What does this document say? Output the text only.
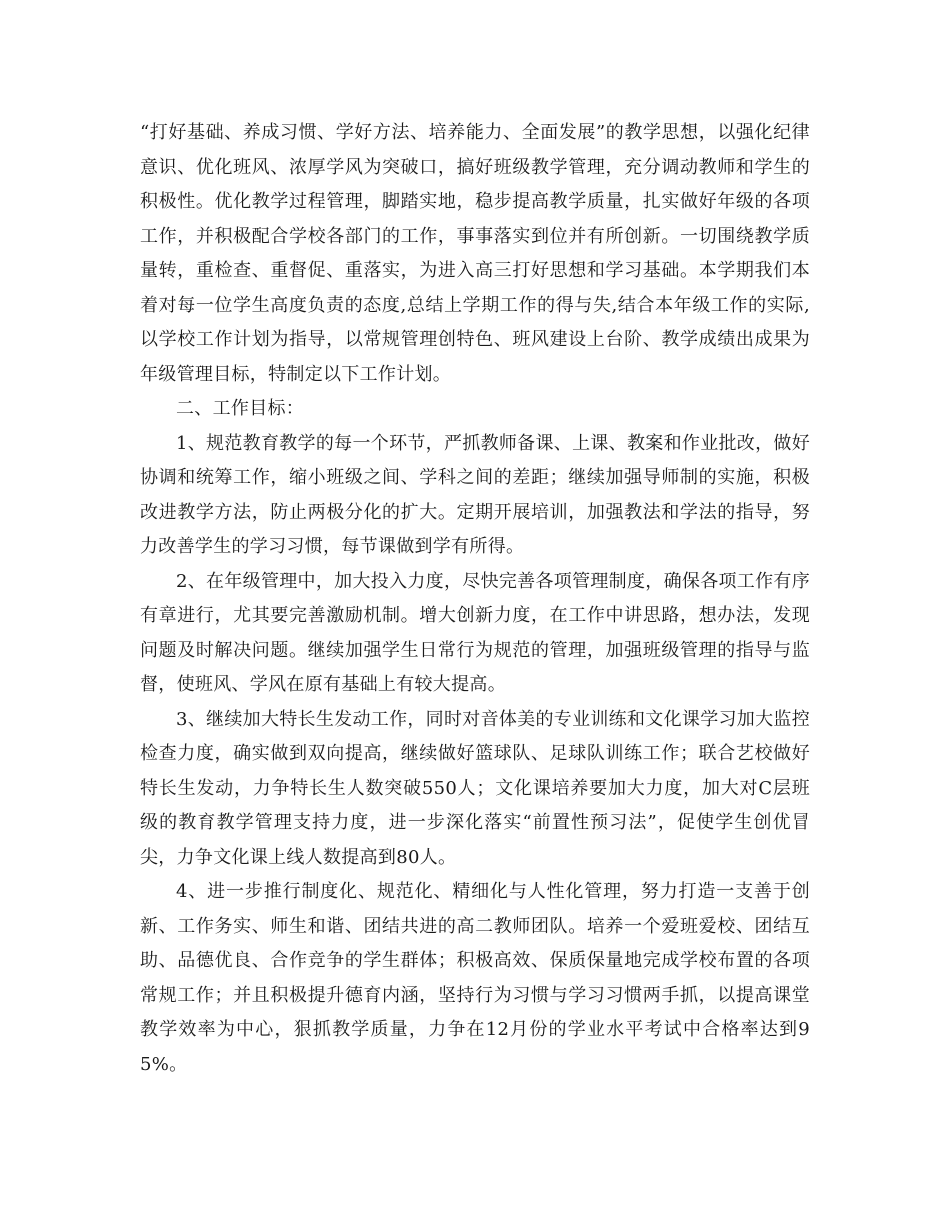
“打好基础、养成习惯、学好方法、培养能力、全面发展”的教学思想，以强化纪律意识、优化班风、浓厚学风为突破口，搞好班级教学管理，充分调动教师和学生的积极性。优化教学过程管理，脚踏实地，稳步提高教学质量，扎实做好年级的各项工作，并积极配合学校各部门的工作，事事落实到位并有所创新。一切围绕教学质量转，重检查、重督促、重落实，为进入高三打好思想和学习基础。本学期我们本着对每一位学生高度负责的态度,总结上学期工作的得与失,结合本年级工作的实际,以学校工作计划为指导，以常规管理创特色、班风建设上台阶、教学成绩出成果为年级管理目标，特制定以下工作计划。

二、工作目标：

1、规范教育教学的每一个环节，严抓教师备课、上课、教案和作业批改，做好协调和统筹工作，缩小班级之间、学科之间的差距；继续加强导师制的实施，积极改进教学方法，防止两极分化的扩大。定期开展培训，加强教法和学法的指导，努力改善学生的学习习惯，每节课做到学有所得。

2、在年级管理中，加大投入力度，尽快完善各项管理制度，确保各项工作有序有章进行，尤其要完善激励机制。增大创新力度，在工作中讲思路，想办法，发现问题及时解决问题。继续加强学生日常行为规范的管理，加强班级管理的指导与监督，使班风、学风在原有基础上有较大提高。

3、继续加大特长生发动工作，同时对音体美的专业训练和文化课学习加大监控检查力度，确实做到双向提高，继续做好篮球队、足球队训练工作；联合艺校做好特长生发动，力争特长生人数突破550人；文化课培养要加大力度，加大对C层班级的教育教学管理支持力度，进一步深化落实“前置性预习法”，促使学生创优冒尖，力争文化课上线人数提高到80人。

4、进一步推行制度化、规范化、精细化与人性化管理，努力打造一支善于创新、工作务实、师生和谐、团结共进的高二教师团队。培养一个爱班爱校、团结互助、品德优良、合作竞争的学生群体；积极高效、保质保量地完成学校布置的各项常规工作；并且积极提升德育内涵，坚持行为习惯与学习习惯两手抓，以提高课堂教学效率为中心，狠抓教学质量，力争在12月份的学业水平考试中合格率达到95%。
